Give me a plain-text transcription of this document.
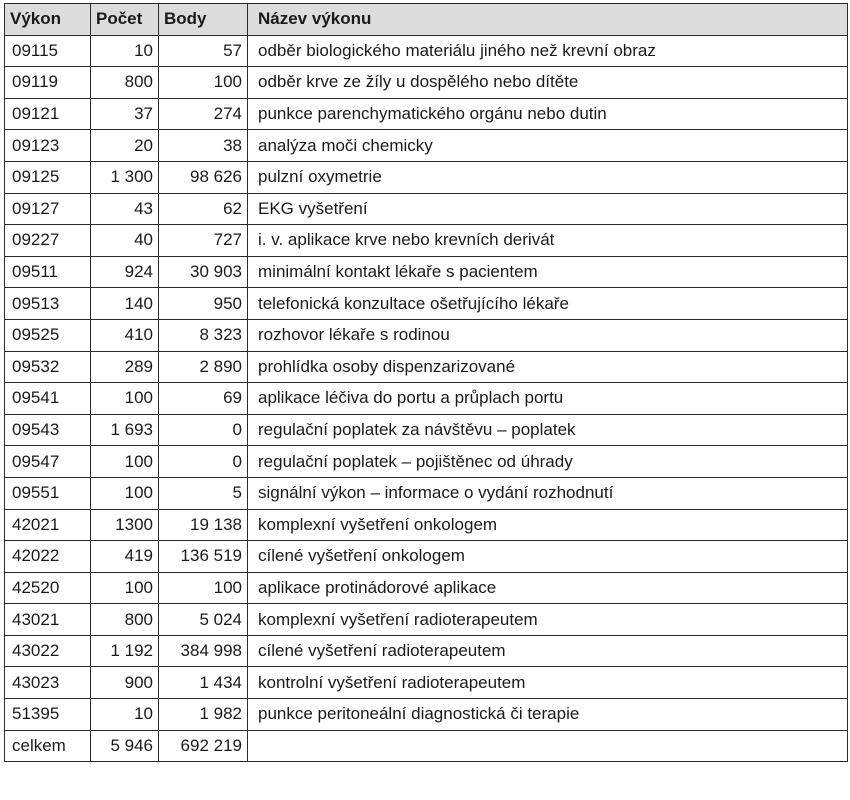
Výkon	Počet	Body	Název výkonu
09115	10	57	odběr biologického materiálu jiného než krevní obraz
09119	800	100	odběr krve ze žíly u dospělého nebo dítěte
09121	37	274	punkce parenchymatického orgánu nebo dutin
09123	20	38	analýza moči chemicky
09125	1 300	98 626	pulzní oxymetrie
09127	43	62	EKG vyšetření
09227	40	727	i. v. aplikace krve nebo krevních derivát
09511	924	30 903	minimální kontakt lékaře s pacientem
09513	140	950	telefonická konzultace ošetřujícího lékaře
09525	410	8 323	rozhovor lékaře s rodinou
09532	289	2 890	prohlídka osoby dispenzarizované
09541	100	69	aplikace léčiva do portu a průplach portu
09543	1 693	0	regulační poplatek za návštěvu – poplatek
09547	100	0	regulační poplatek – pojištěnec od úhrady
09551	100	5	signální výkon – informace o vydání rozhodnutí
42021	1300	19 138	komplexní vyšetření onkologem
42022	419	136 519	cílené vyšetření onkologem
42520	100	100	aplikace protinádorové aplikace
43021	800	5 024	komplexní vyšetření radioterapeutem
43022	1 192	384 998	cílené vyšetření radioterapeutem
43023	900	1 434	kontrolní vyšetření radioterapeutem
51395	10	1 982	punkce peritoneální diagnostická či terapie
celkem	5 946	692 219	
